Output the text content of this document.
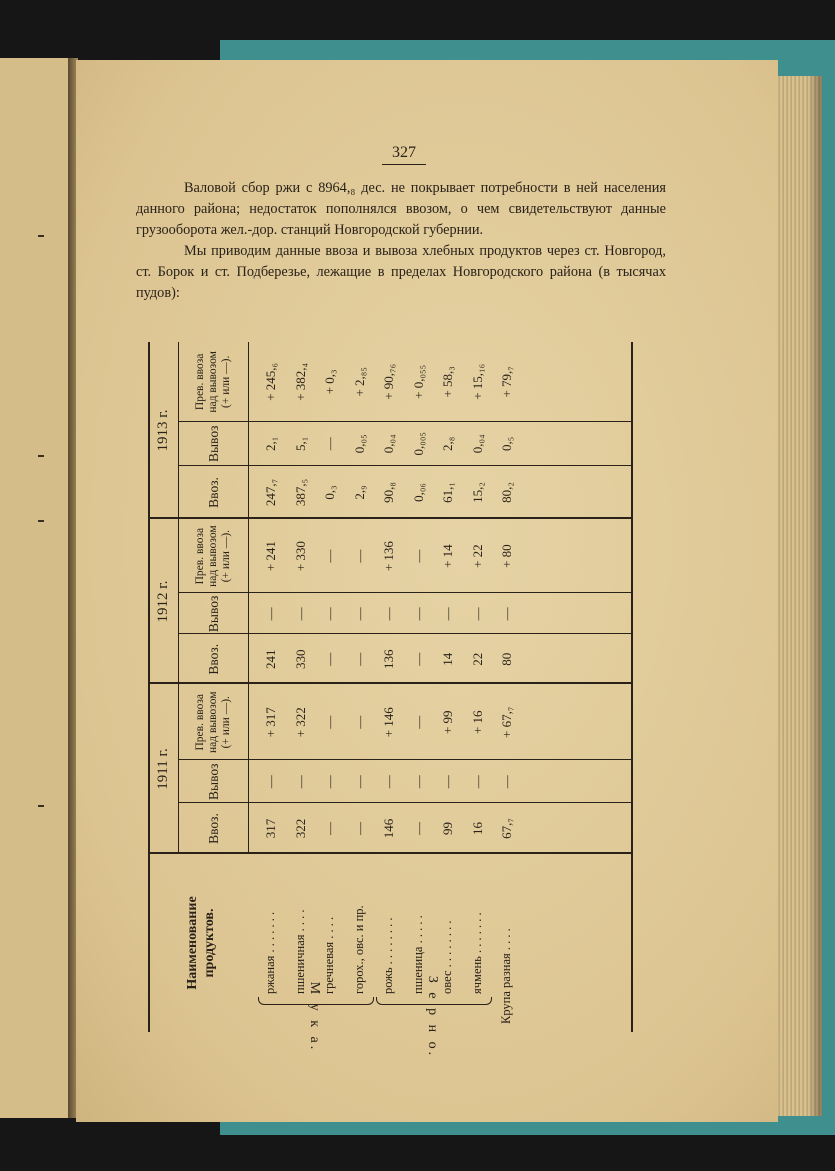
327

Валовой сбор ржи с 8964,₈ дес. не покрывает потребности в ней населения данного района; недостаток пополнялся ввозом, о чем свидетельствуют данные грузооборота жел.-дор. станций Новгородской губернии.

Мы приводим данные ввоза и вывоза хлебных продуктов через ст. Новгород, ст. Борок и ст. Подберезье, лежащие в пределах Новгородского района (в тысячах пудов):

Наименование продуктов.
1911 г.
Ввоз.
Вывоз
Прев. ввоза над вывозом (+ или —).
1912 г.
Ввоз.
Вывоз
Прев. ввоза над вывозом (+ или —).
1913 г.
Ввоз.
Вывоз
Прев. ввоза над вывозом (+ или —).
М у к а.	З е р н о.
ржаная . . . . . . .
317
—
+ 317
241
—
+ 241
247,₇
2,₁
+ 245,₆
пшеничная . . . .
322
—
+ 322
330
—
+ 330
387,₅
5,₁
+ 382,₄
гречневая . . . .
—
—
—
—
—
—
0,₃
—
+ 0,₃
горох., овс. и пр.
—
—
—
—
—
—
2,₉
0,₀₅
+ 2,₈₅
рожь . . . . . . . .
146
—
+ 146
136
—
+ 136
90,₈
0,₀₄
+ 90,₇₆
пшеница . . . . .
—
—
—
—
—
—
0,₀₆
0,₀₀₅
+ 0,₀₅₅
овес . . . . . . . .
99
—
+ 99
14
—
+ 14
61,₁
2,₈
+ 58,₃
ячмень . . . . . . .
16
—
+ 16
22
—
+ 22
15,₂
0,₀₄
+ 15,₁₆
Крупа разная . . . .
67,₇
—
+ 67,₇
80
—
+ 80
80,₂
0,₅
+ 79,₇
